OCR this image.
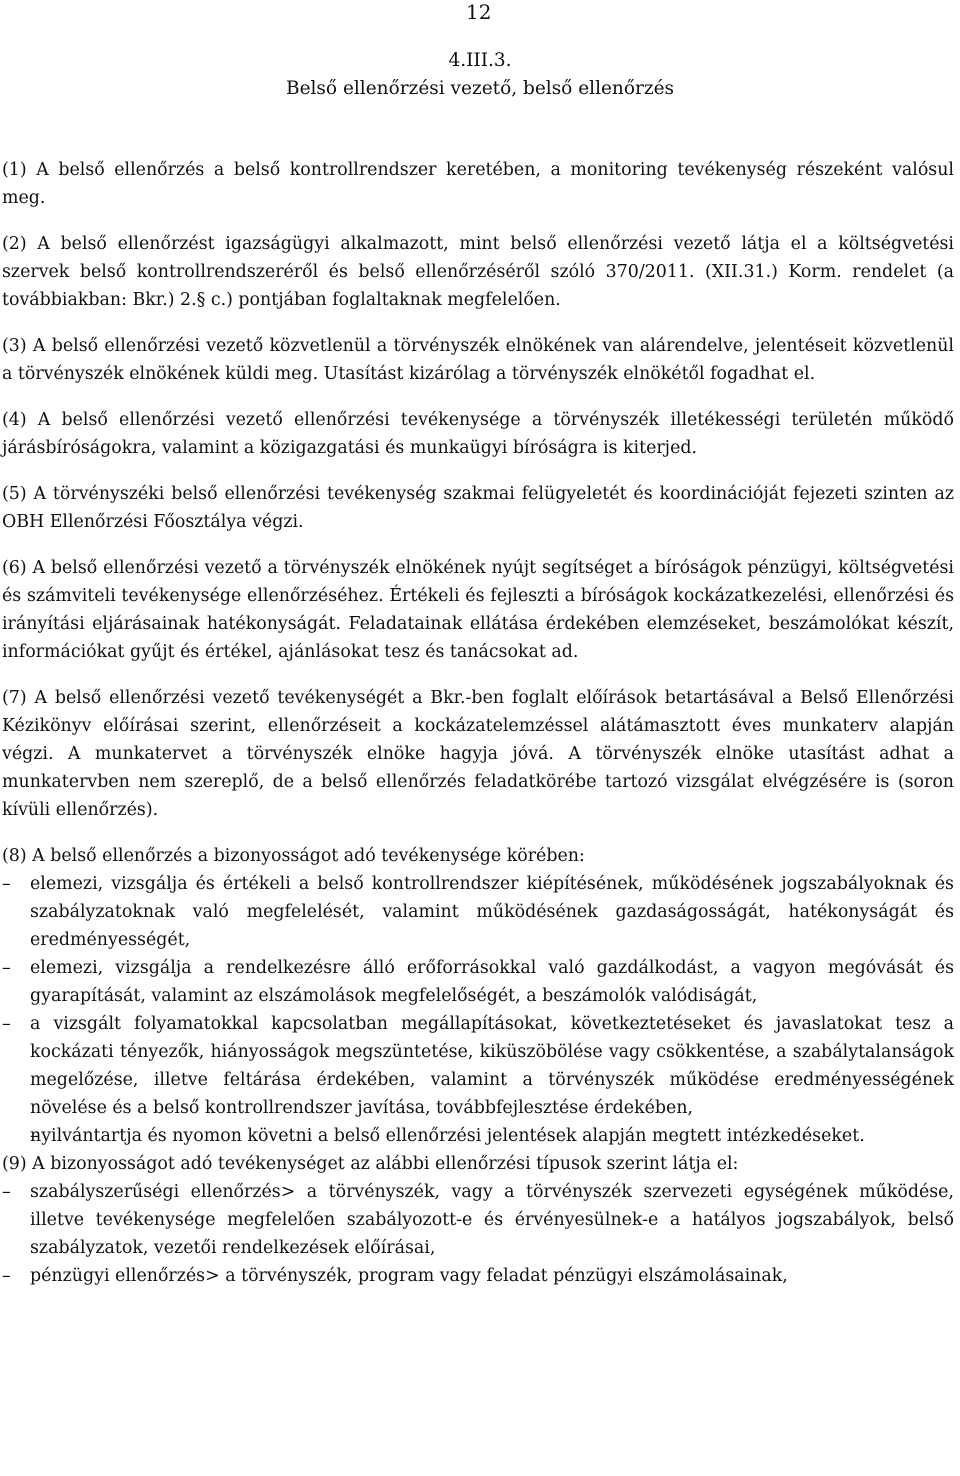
12
4.III.3.
Belső ellenőrzési vezető, belső ellenőrzés

(1) A belső ellenőrzés a belső kontrollrendszer keretében, a monitoring tevékenység részeként valósul meg.

(2) A belső ellenőrzést igazságügyi alkalmazott, mint belső ellenőrzési vezető látja el a költségvetési szervek belső kontrollrendszeréről és belső ellenőrzéséről szóló 370/2011. (XII.31.) Korm. rendelet (a továbbiakban: Bkr.) 2.§ c.) pontjában foglaltaknak megfelelően.

(3) A belső ellenőrzési vezető közvetlenül a törvényszék elnökének van alárendelve, jelentéseit közvetlenül a törvényszék elnökének küldi meg. Utasítást kizárólag a törvényszék elnökétől fogadhat el.

(4) A belső ellenőrzési vezető ellenőrzési tevékenysége a törvényszék illetékességi területén működő járásbíróságokra, valamint a közigazgatási és munkaügyi bíróságra is kiterjed.

(5) A törvényszéki belső ellenőrzési tevékenység szakmai felügyeletét és koordinációját fejezeti szinten az OBH Ellenőrzési Főosztálya végzi.

(6) A belső ellenőrzési vezető a törvényszék elnökének nyújt segítséget a bíróságok pénzügyi, költségvetési és számviteli tevékenysége ellenőrzéséhez. Értékeli és fejleszti a bíróságok kockázatkezelési, ellenőrzési és irányítási eljárásainak hatékonyságát. Feladatainak ellátása érdekében elemzéseket, beszámolókat készít, információkat gyűjt és értékel, ajánlásokat tesz és tanácsokat ad.

(7) A belső ellenőrzési vezető tevékenységét a Bkr.-ben foglalt előírások betartásával a Belső Ellenőrzési Kézikönyv előírásai szerint, ellenőrzéseit a kockázatelemzéssel alátámasztott éves munkaterv alapján végzi. A munkatervet a törvényszék elnöke hagyja jóvá. A törvényszék elnöke utasítást adhat a munkatervben nem szereplő, de a belső ellenőrzés feladatkörébe tartozó vizsgálat elvégzésére is (soron kívüli ellenőrzés).

(8) A belső ellenőrzés a bizonyosságot adó tevékenysége körében:

– elemezi, vizsgálja és értékeli a belső kontrollrendszer kiépítésének, működésének jogszabályoknak és szabályzatoknak való megfelelését, valamint működésének gazdaságosságát, hatékonyságát és eredményességét,
– elemezi, vizsgálja a rendelkezésre álló erőforrásokkal való gazdálkodást, a vagyon megóvását és gyarapítását, valamint az elszámolások megfelelőségét, a beszámolók valódiságát,
– a vizsgált folyamatokkal kapcsolatban megállapításokat, következtetéseket és javaslatokat tesz a kockázati tényezők, hiányosságok megszüntetése, kiküszöbölése vagy csökkentése, a szabálytalanságok megelőzése, illetve feltárása érdekében, valamint a törvényszék működése eredményességének növelése és a belső kontrollrendszer javítása, továbbfejlesztése érdekében,
– nyilvántartja és nyomon követni a belső ellenőrzési jelentések alapján megtett intézkedéseket.

(9) A bizonyosságot adó tevékenységet az alábbi ellenőrzési típusok szerint látja el:

– szabályszerűségi ellenőrzés> a törvényszék, vagy a törvényszék szervezeti egységének működése, illetve tevékenysége megfelelően szabályozott-e és érvényesülnek-e a hatályos jogszabályok, belső szabályzatok, vezetői rendelkezések előírásai,
– pénzügyi ellenőrzés> a törvényszék, program vagy feladat pénzügyi elszámolásainak,
